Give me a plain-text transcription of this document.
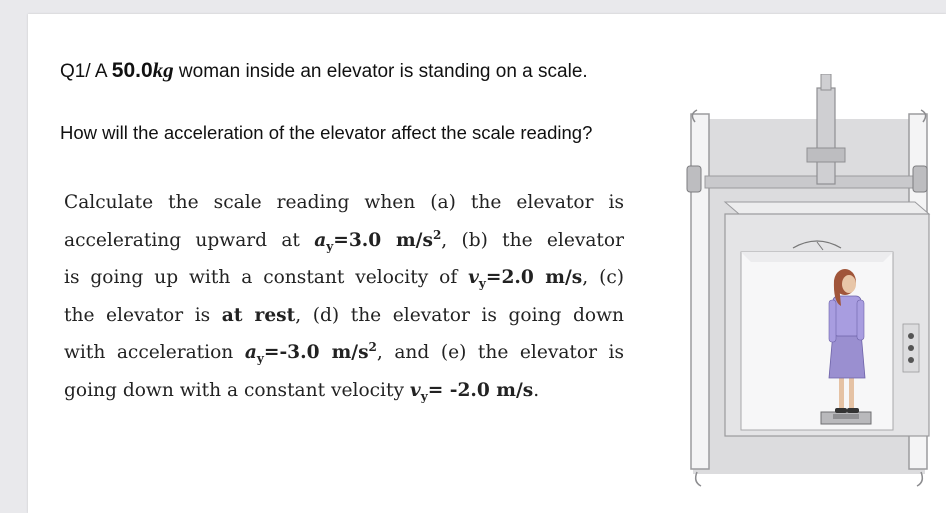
Q1/ A 50.0kg woman inside an elevator is standing on a scale.
How will the acceleration of the elevator affect the scale reading?
Calculate the scale reading when (a) the elevator is
accelerating upward at $a_y=3.0$ $m/s^2$, (b) the elevator
is going up with a constant velocity of $v_y=2.0$ m/s, (c)
the elevator is at rest, (d) the elevator is going down
with acceleration $a_y=-3.0$ $m/s^2$, and (e) the elevator is
going down with a constant velocity $v_y= -2.0$ m/s.
